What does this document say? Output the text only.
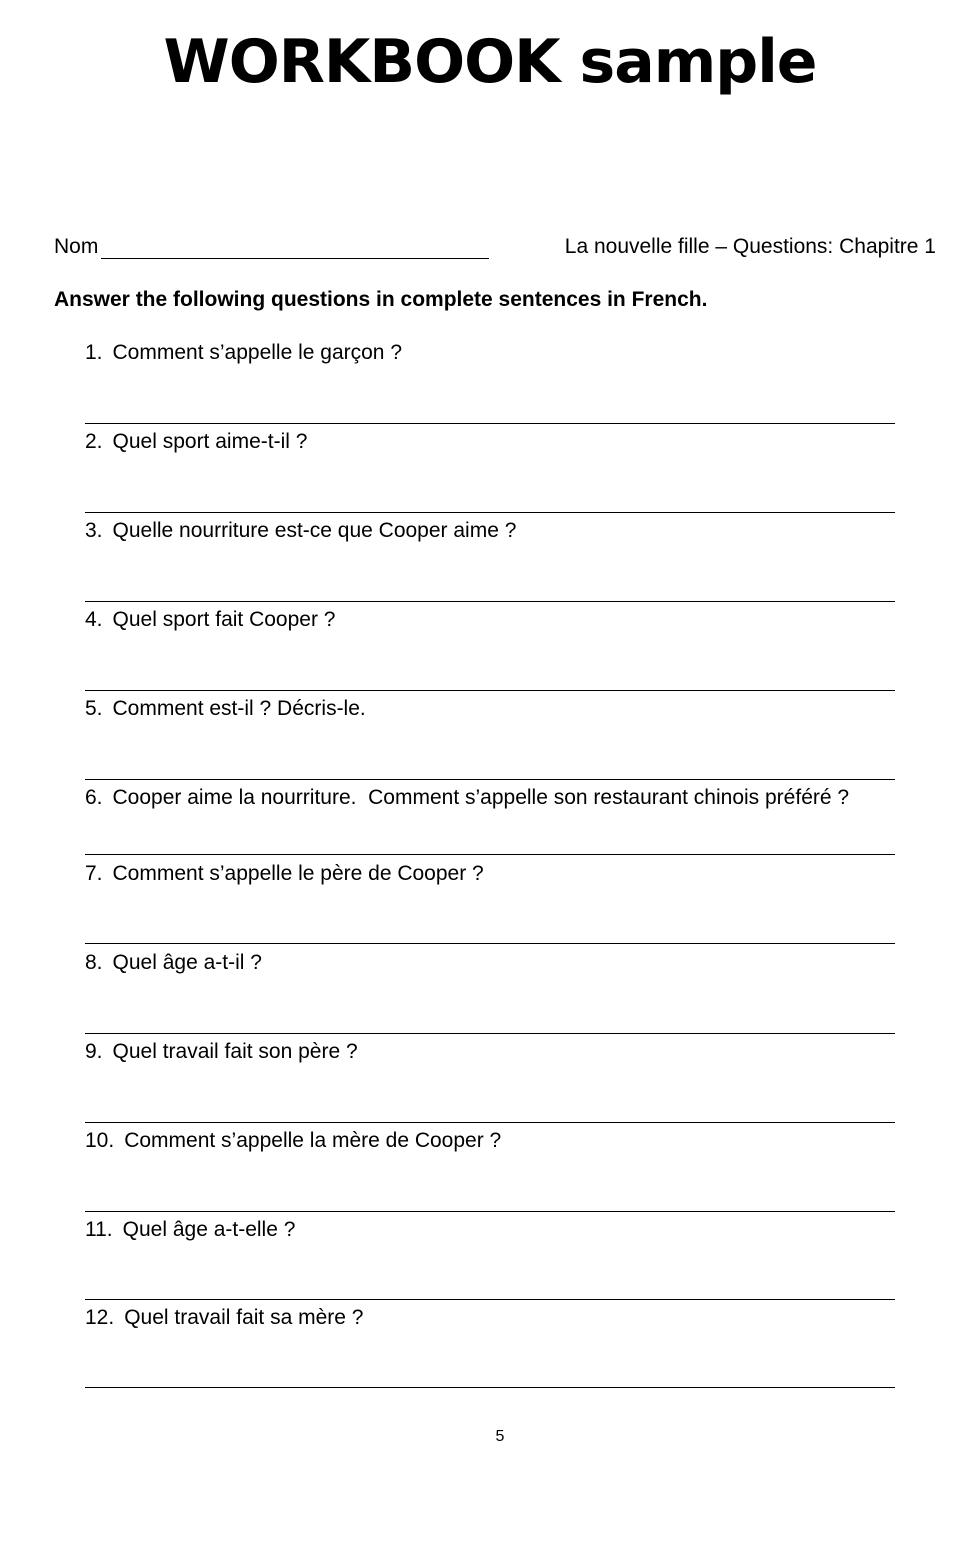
WORKBOOK sample
Nom	La nouvelle fille – Questions: Chapitre 1
Answer the following questions in complete sentences in French.
1. Comment s’appelle le garçon ?
2. Quel sport aime-t-il ?
3. Quelle nourriture est-ce que Cooper aime ?
4. Quel sport fait Cooper ?
5. Comment est-il ? Décris-le.
6. Cooper aime la nourriture.  Comment s’appelle son restaurant chinois préféré ?
7. Comment s’appelle le père de Cooper ?
8. Quel âge a-t-il ?
9. Quel travail fait son père ?
10. Comment s’appelle la mère de Cooper ?
11. Quel âge a-t-elle ?
12. Quel travail fait sa mère ?
5
